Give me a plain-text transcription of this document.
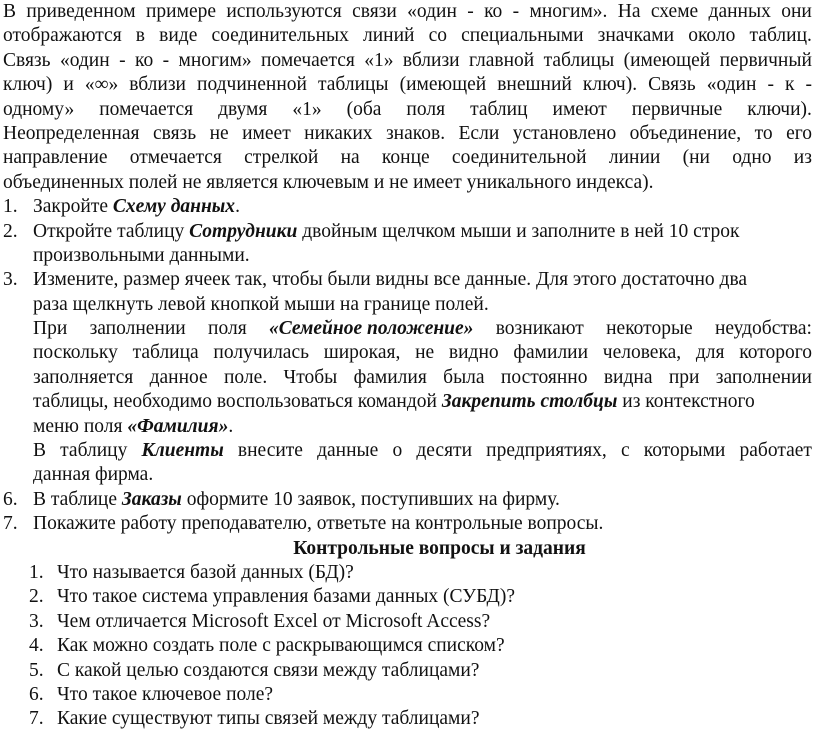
В приведенном примере используются связи «один - ко - многим». На схеме данных они
отображаются в виде соединительных линий со специальными значками около таблиц.
Связь «один - ко - многим» помечается «1» вблизи главной таблицы (имеющей первичный
ключ) и «∞» вблизи подчиненной таблицы (имеющей внешний ключ). Связь «один - к -
одному» помечается двумя «1» (оба поля таблиц имеют первичные ключи).
Неопределенная связь не имеет никаких знаков. Если установлено объединение, то его
направление отмечается стрелкой на конце соединительной линии (ни одно из
объединенных полей не является ключевым и не имеет уникального индекса).
1. Закройте Схему данных.
2. Откройте таблицу Сотрудники двойным щелчком мыши и заполните в ней 10 строк
произвольными данными.
3. Измените, размер ячеек так, чтобы были видны все данные. Для этого достаточно два
раза щелкнуть левой кнопкой мыши на границе полей.
При заполнении поля «Семейное положение» возникают некоторые неудобства:
поскольку таблица получилась широкая, не видно фамилии человека, для которого
заполняется данное поле. Чтобы фамилия была постоянно видна при заполнении
таблицы, необходимо воспользоваться командой Закрепить столбцы из контекстного
меню поля «Фамилия».
В таблицу Клиенты внесите данные о десяти предприятиях, с которыми работает
данная фирма.
6. В таблице Заказы оформите 10 заявок, поступивших на фирму.
7. Покажите работу преподавателю, ответьте на контрольные вопросы.
Контрольные вопросы и задания
1. Что называется базой данных (БД)?
2. Что такое система управления базами данных (СУБД)?
3. Чем отличается Microsoft Excel от Microsoft Access?
4. Как можно создать поле с раскрывающимся списком?
5. С какой целью создаются связи между таблицами?
6. Что такое ключевое поле?
7. Какие существуют типы связей между таблицами?
